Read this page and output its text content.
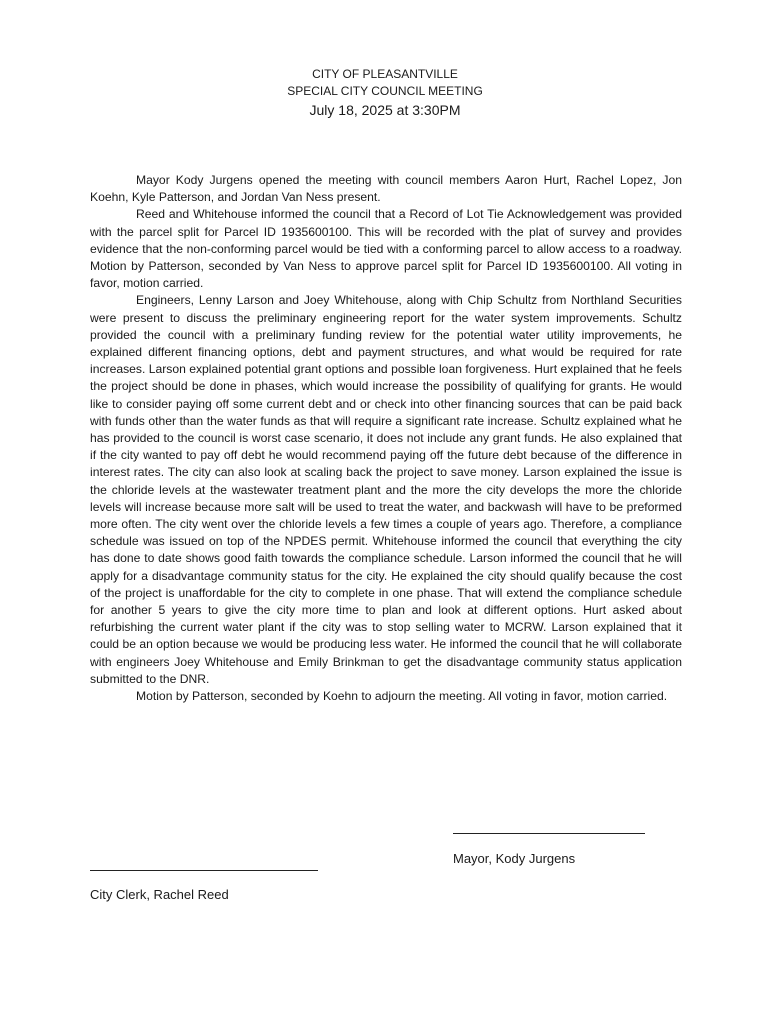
CITY OF PLEASANTVILLE
SPECIAL CITY COUNCIL MEETING
July 18, 2025 at 3:30PM

Mayor Kody Jurgens opened the meeting with council members Aaron Hurt, Rachel Lopez, Jon Koehn, Kyle Patterson, and Jordan Van Ness present.

Reed and Whitehouse informed the council that a Record of Lot Tie Acknowledgement was provided with the parcel split for Parcel ID 1935600100. This will be recorded with the plat of survey and provides evidence that the non-conforming parcel would be tied with a conforming parcel to allow access to a roadway. Motion by Patterson, seconded by Van Ness to approve parcel split for Parcel ID 1935600100. All voting in favor, motion carried.

Engineers, Lenny Larson and Joey Whitehouse, along with Chip Schultz from Northland Securities were present to discuss the preliminary engineering report for the water system improvements. Schultz provided the council with a preliminary funding review for the potential water utility improvements, he explained different financing options, debt and payment structures, and what would be required for rate increases. Larson explained potential grant options and possible loan forgiveness. Hurt explained that he feels the project should be done in phases, which would increase the possibility of qualifying for grants. He would like to consider paying off some current debt and or check into other financing sources that can be paid back with funds other than the water funds as that will require a significant rate increase. Schultz explained what he has provided to the council is worst case scenario, it does not include any grant funds. He also explained that if the city wanted to pay off debt he would recommend paying off the future debt because of the difference in interest rates. The city can also look at scaling back the project to save money. Larson explained the issue is the chloride levels at the wastewater treatment plant and the more the city develops the more the chloride levels will increase because more salt will be used to treat the water, and backwash will have to be preformed more often. The city went over the chloride levels a few times a couple of years ago. Therefore, a compliance schedule was issued on top of the NPDES permit. Whitehouse informed the council that everything the city has done to date shows good faith towards the compliance schedule. Larson informed the council that he will apply for a disadvantage community status for the city. He explained the city should qualify because the cost of the project is unaffordable for the city to complete in one phase. That will extend the compliance schedule for another 5 years to give the city more time to plan and look at different options. Hurt asked about refurbishing the current water plant if the city was to stop selling water to MCRW. Larson explained that it could be an option because we would be producing less water. He informed the council that he will collaborate with engineers Joey Whitehouse and Emily Brinkman to get the disadvantage community status application submitted to the DNR.

Motion by Patterson, seconded by Koehn to adjourn the meeting. All voting in favor, motion carried.

Mayor, Kody Jurgens
City Clerk, Rachel Reed
